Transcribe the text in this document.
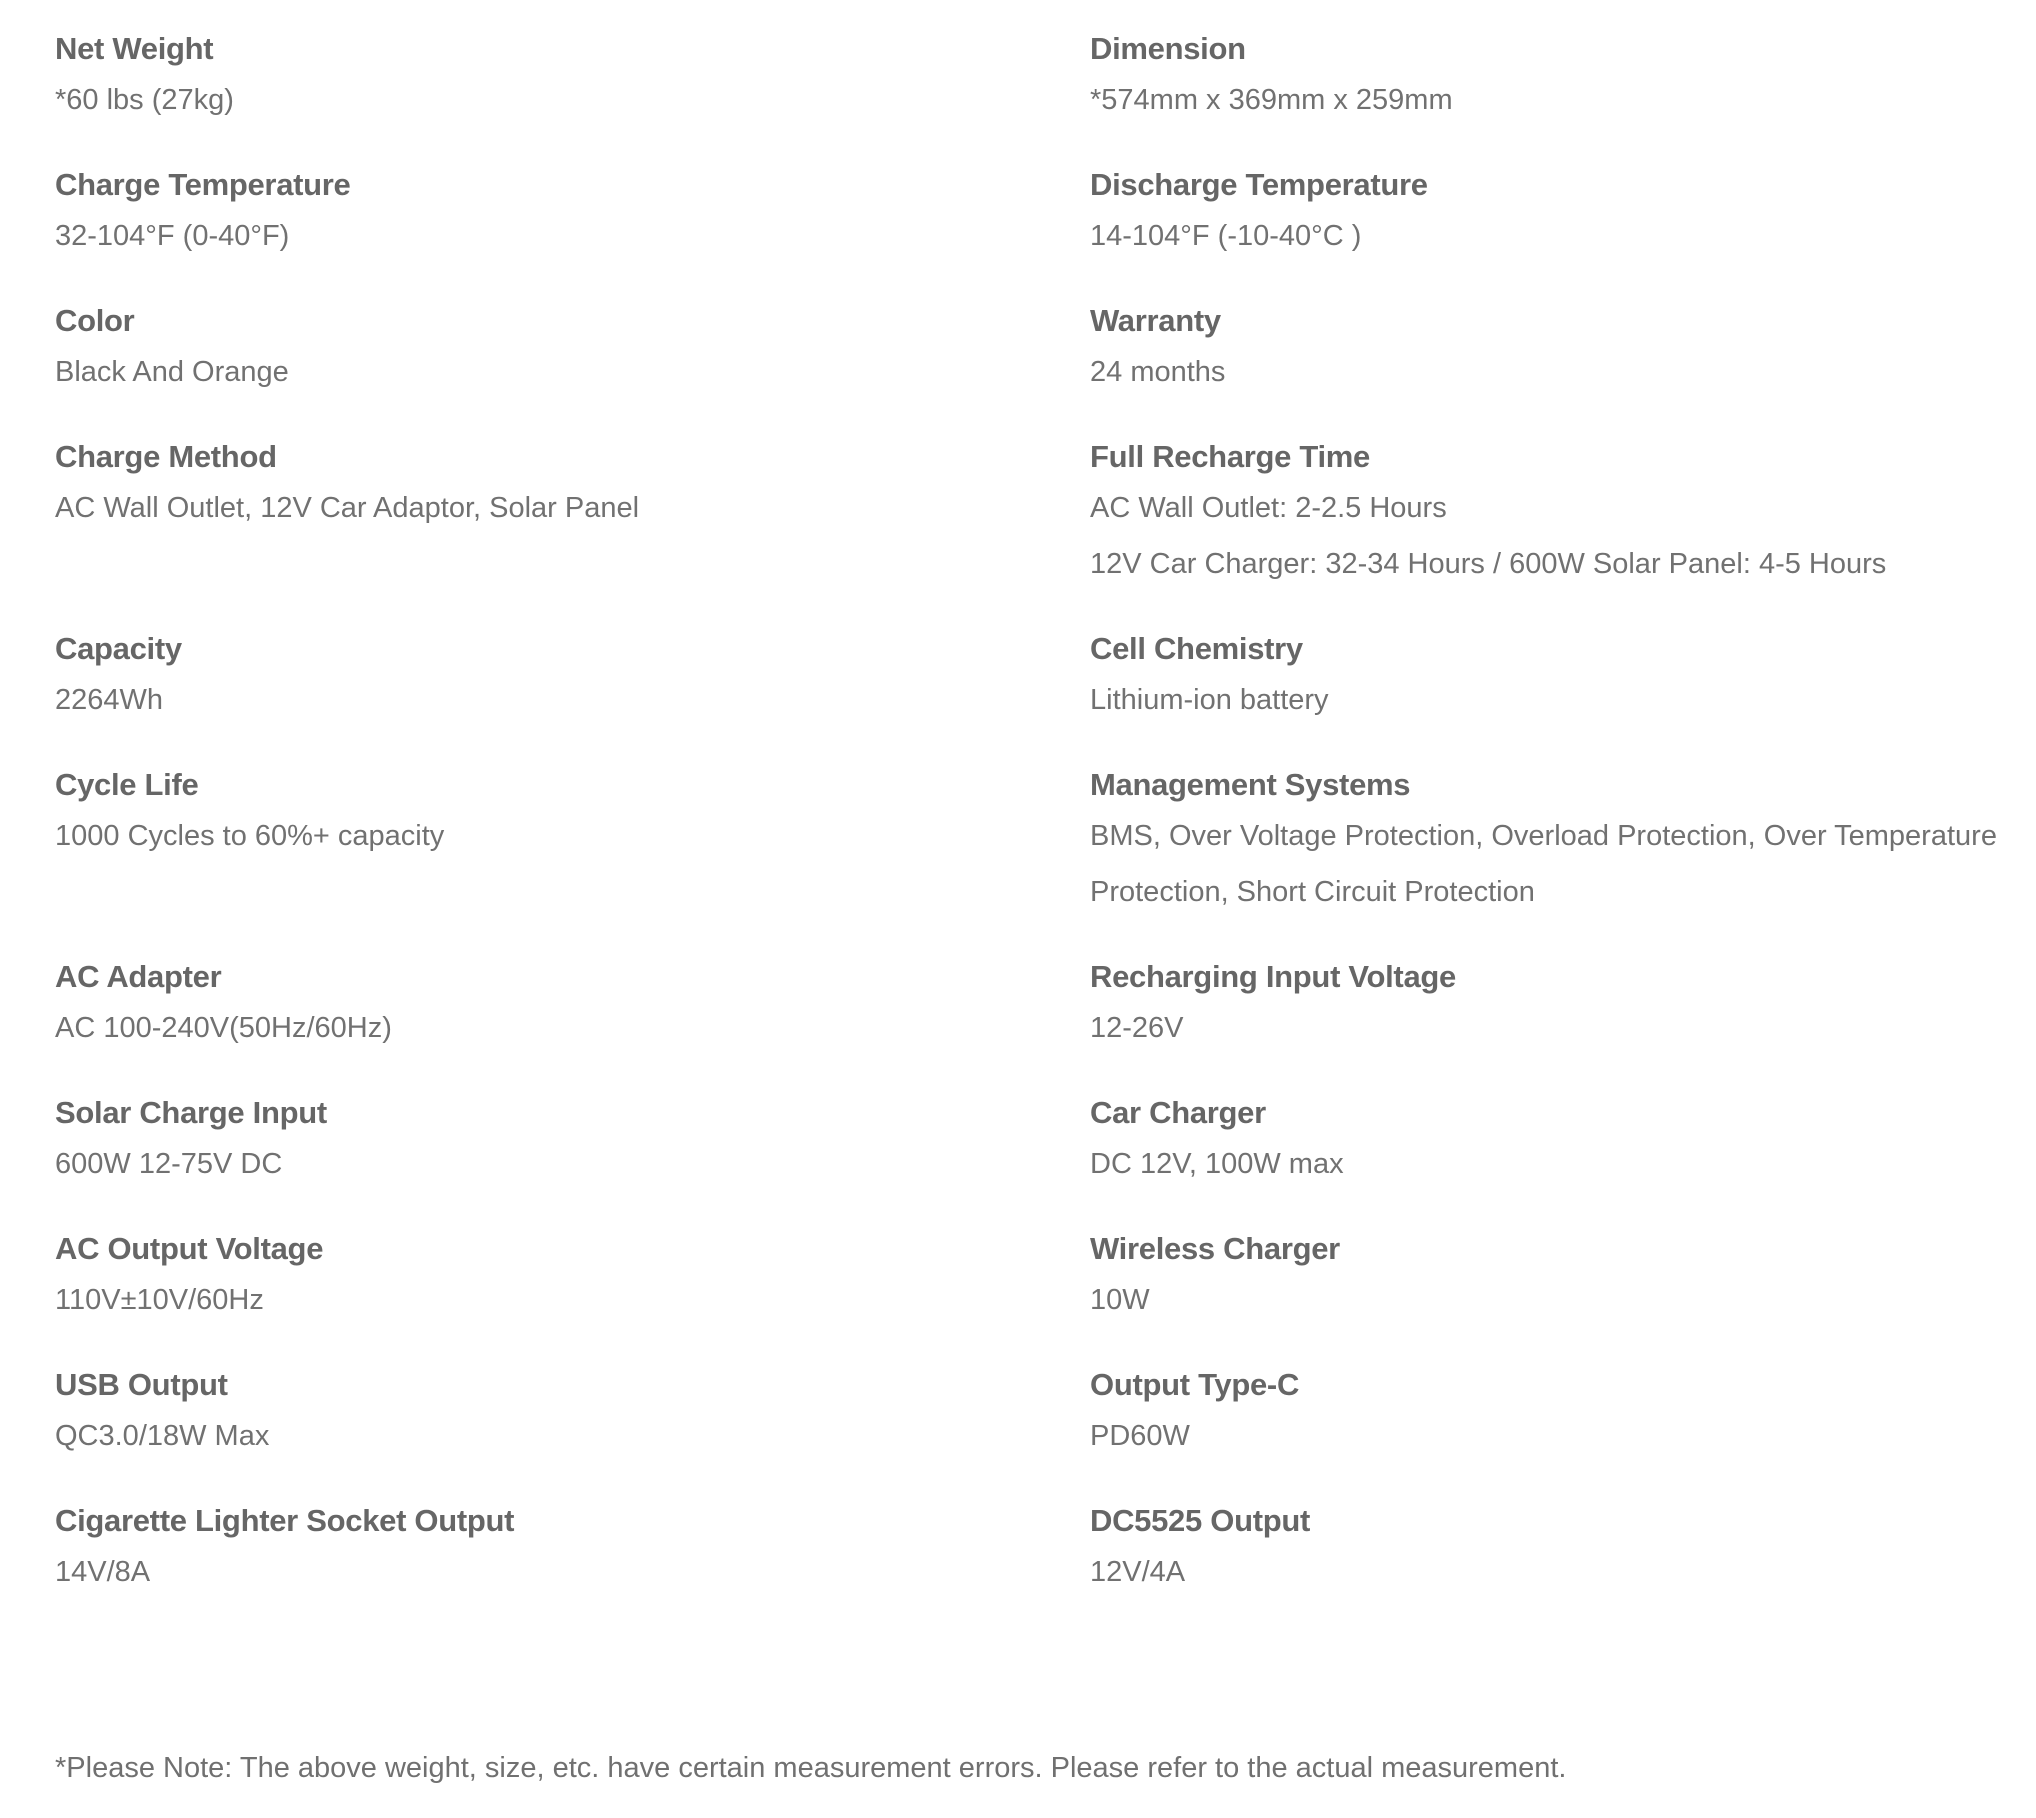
Net Weight
*60 lbs (27kg)
Dimension
*574mm x 369mm x 259mm
Charge Temperature
32-104°F (0-40°F)
Discharge Temperature
14-104°F (-10-40°C )
Color
Black And Orange
Warranty
24 months
Charge Method
AC Wall Outlet, 12V Car Adaptor, Solar Panel
Full Recharge Time
AC Wall Outlet: 2-2.5 Hours
12V Car Charger: 32-34 Hours / 600W Solar Panel: 4-5 Hours
Capacity
2264Wh
Cell Chemistry
Lithium-ion battery
Cycle Life
1000 Cycles to 60%+ capacity
Management Systems
BMS, Over Voltage Protection, Overload Protection, Over Temperature
Protection, Short Circuit Protection
AC Adapter
AC 100-240V(50Hz/60Hz)
Recharging Input Voltage
12-26V
Solar Charge Input
600W 12-75V DC
Car Charger
DC 12V, 100W max
AC Output Voltage
110V±10V/60Hz
Wireless Charger
10W
USB Output
QC3.0/18W Max
Output Type-C
PD60W
Cigarette Lighter Socket Output
14V/8A
DC5525 Output
12V/4A
*Please Note: The above weight, size, etc. have certain measurement errors. Please refer to the actual measurement.
